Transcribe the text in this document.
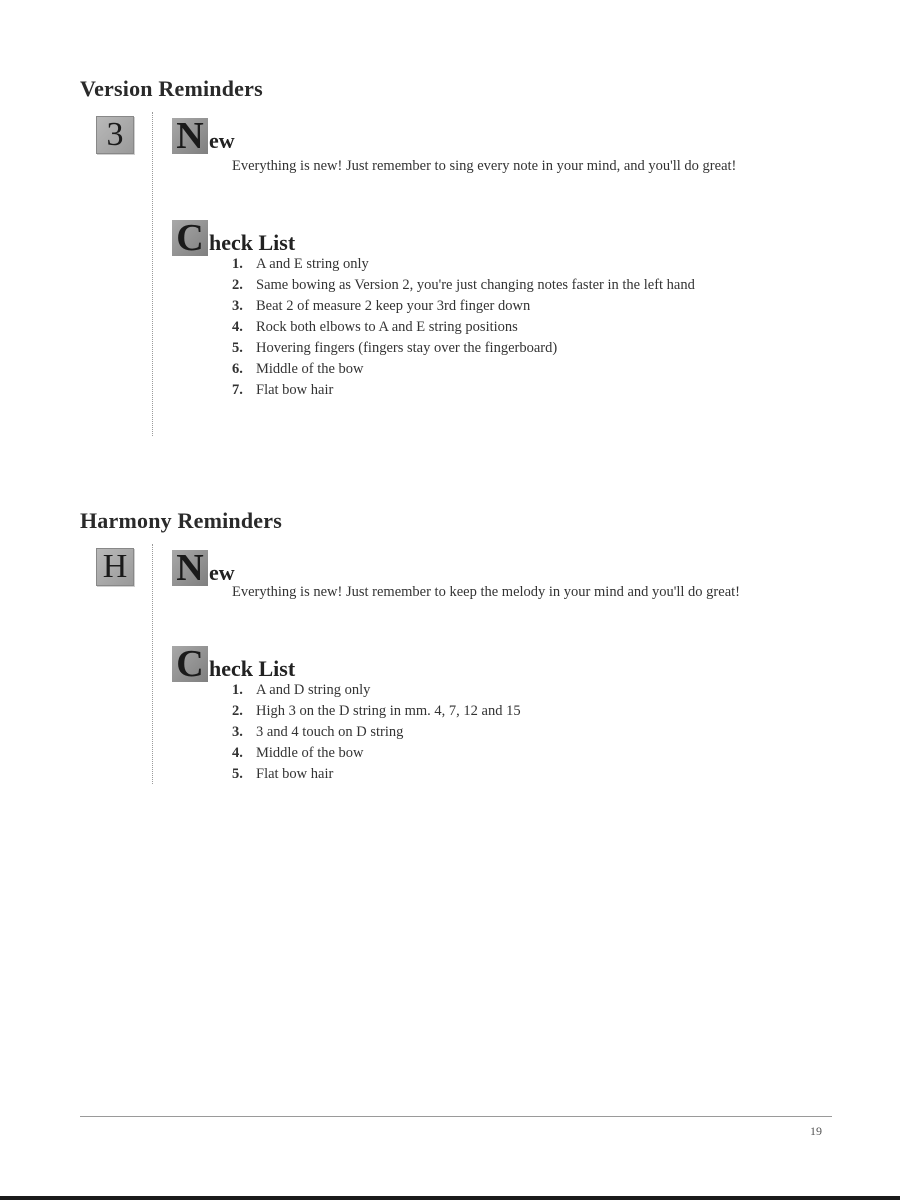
Version Reminders
3 N ew
Everything is new! Just remember to sing every note in your mind, and you'll do great!
C heck List
1. A and E string only
2. Same bowing as Version 2, you're just changing notes faster in the left hand
3. Beat 2 of measure 2 keep your 3rd finger down
4. Rock both elbows to A and E string positions
5. Hovering fingers (fingers stay over the fingerboard)
6. Middle of the bow
7. Flat bow hair
Harmony Reminders
H N ew
Everything is new! Just remember to keep the melody in your mind and you'll do great!
C heck List
1. A and D string only
2. High 3 on the D string in mm. 4, 7, 12 and 15
3. 3 and 4 touch on D string
4. Middle of the bow
5. Flat bow hair
19
